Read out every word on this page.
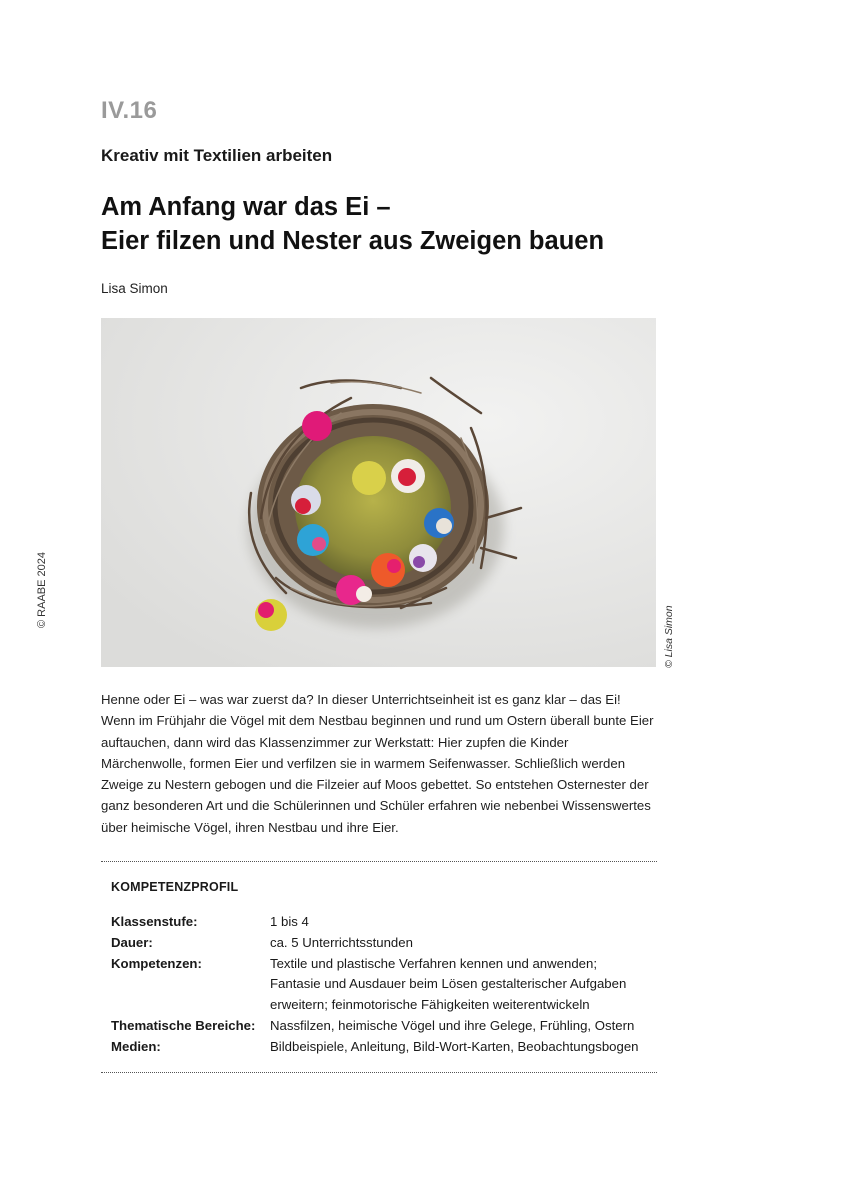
IV.16
Kreativ mit Textilien arbeiten
Am Anfang war das Ei –
Eier filzen und Nester aus Zweigen bauen
Lisa Simon
© RAABE 2024
© Lisa Simon
Henne oder Ei – was war zuerst da? In dieser Unterrichtseinheit ist es ganz klar – das Ei! Wenn im Frühjahr die Vögel mit dem Nestbau beginnen und rund um Ostern überall bunte Eier auftauchen, dann wird das Klassenzimmer zur Werkstatt: Hier zupfen die Kinder Märchenwolle, formen Eier und verfilzen sie in warmem Seifenwasser. Schließlich werden Zweige zu Nestern gebogen und die Filzeier auf Moos gebettet. So entstehen Osternester der ganz besonderen Art und die Schülerinnen und Schüler erfahren wie nebenbei Wissenswertes über heimische Vögel, ihren Nestbau und ihre Eier.
KOMPETENZPROFIL
Klassenstufe:	1 bis 4
Dauer:	ca. 5 Unterrichtsstunden
Kompetenzen:	Textile und plastische Verfahren kennen und anwenden; Fantasie und Ausdauer beim Lösen gestalterischer Aufgaben erweitern; feinmotorische Fähigkeiten weiterentwickeln
Thematische Bereiche:	Nassfilzen, heimische Vögel und ihre Gelege, Frühling, Ostern
Medien:	Bildbeispiele, Anleitung, Bild-Wort-Karten, Beobachtungsbogen
